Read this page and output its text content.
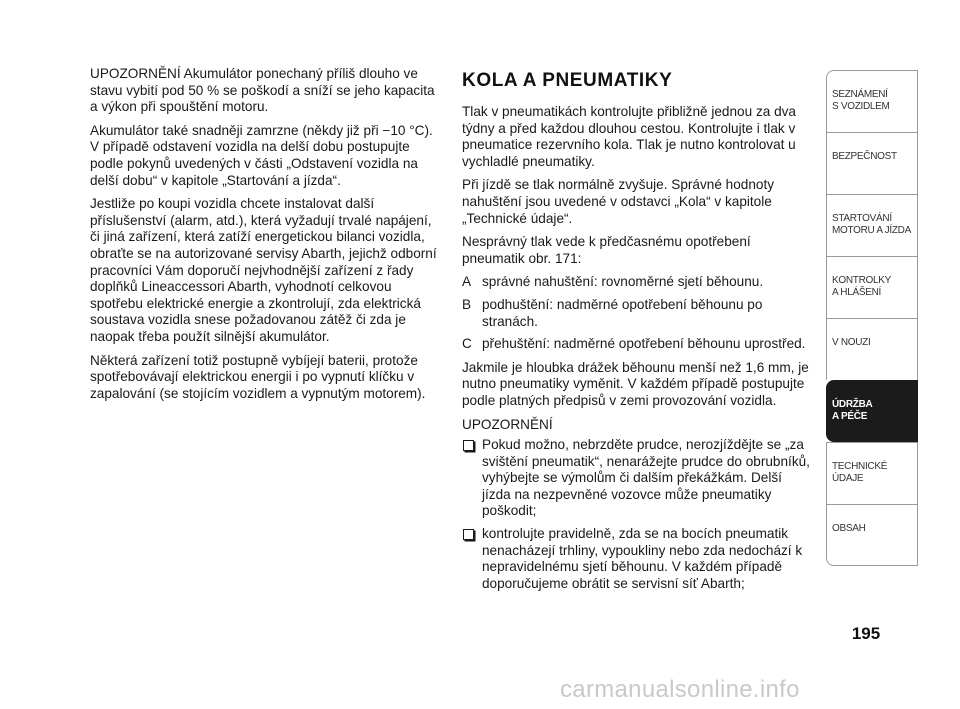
UPOZORNĚNÍ Akumulátor ponechaný příliš dlouho ve stavu vybití pod 50 % se poškodí a sníží se jeho kapacita a výkon při spouštění motoru.

Akumulátor také snadněji zamrzne (někdy již při −10 °C). V případě odstavení vozidla na delší dobu postupujte podle pokynů uvedených v části „Odstavení vozidla na delší dobu“ v kapitole „Startování a jízda“.

Jestliže po koupi vozidla chcete instalovat další příslušenství (alarm, atd.), která vyžadují trvalé napájení, či jiná zařízení, která zatíží energetickou bilanci vozidla, obraťte se na autorizované servisy Abarth, jejichž odborní pracovníci Vám doporučí nejvhodnější zařízení z řady doplňků Lineaccessori Abarth, vyhodnotí celkovou spotřebu elektrické energie a zkontrolují, zda elektrická soustava vozidla snese požadovanou zátěž či zda je naopak třeba použít silnější akumulátor.

Některá zařízení totiž postupně vybíjejí baterii, protože spotřebovávají elektrickou energii i po vypnutí klíčku v zapalování (se stojícím vozidlem a vypnutým motorem).

KOLA A PNEUMATIKY

Tlak v pneumatikách kontrolujte přibližně jednou za dva týdny a před každou dlouhou cestou. Kontrolujte i tlak v pneumatice rezervního kola. Tlak je nutno kontrolovat u vychladlé pneumatiky.

Při jízdě se tlak normálně zvyšuje. Správné hodnoty nahuštění jsou uvedené v odstavci „Kola“ v kapitole „Technické údaje“.

Nesprávný tlak vede k předčasnému opotřebení pneumatik obr. 171:

A správné nahuštění: rovnoměrné sjetí běhounu.
B podhuštění: nadměrné opotřebení běhounu po stranách.
C přehuštění: nadměrné opotřebení běhounu uprostřed.

Jakmile je hloubka drážek běhounu menší než 1,6 mm, je nutno pneumatiky vyměnit. V každém případě postupujte podle platných předpisů v zemi provozování vozidla.

UPOZORNĚNÍ

Pokud možno, nebrzděte prudce, nerozjíždějte se „za svištění pneumatik“, nenarážejte prudce do obrubníků, vyhýbejte se výmolům či dalším překážkám. Delší jízda na nezpevněné vozovce může pneumatiky poškodit;
kontrolujte pravidelně, zda se na bocích pneumatik nenacházejí trhliny, vypoukliny nebo zda nedochází k nepravidelnému sjetí běhounu. V každém případě doporučujeme obrátit se servisní síť Abarth;
SEZNÁMENÍ
S VOZIDLEM
BEZPEČNOST
STARTOVÁNÍ
MOTORU A JÍZDA
KONTROLKY
A HLÁŠENÍ
V NOUZI
ÚDRŽBA
A PÉČE
TECHNICKÉ
ÚDAJE
OBSAH
195
carmanualsonline.info
